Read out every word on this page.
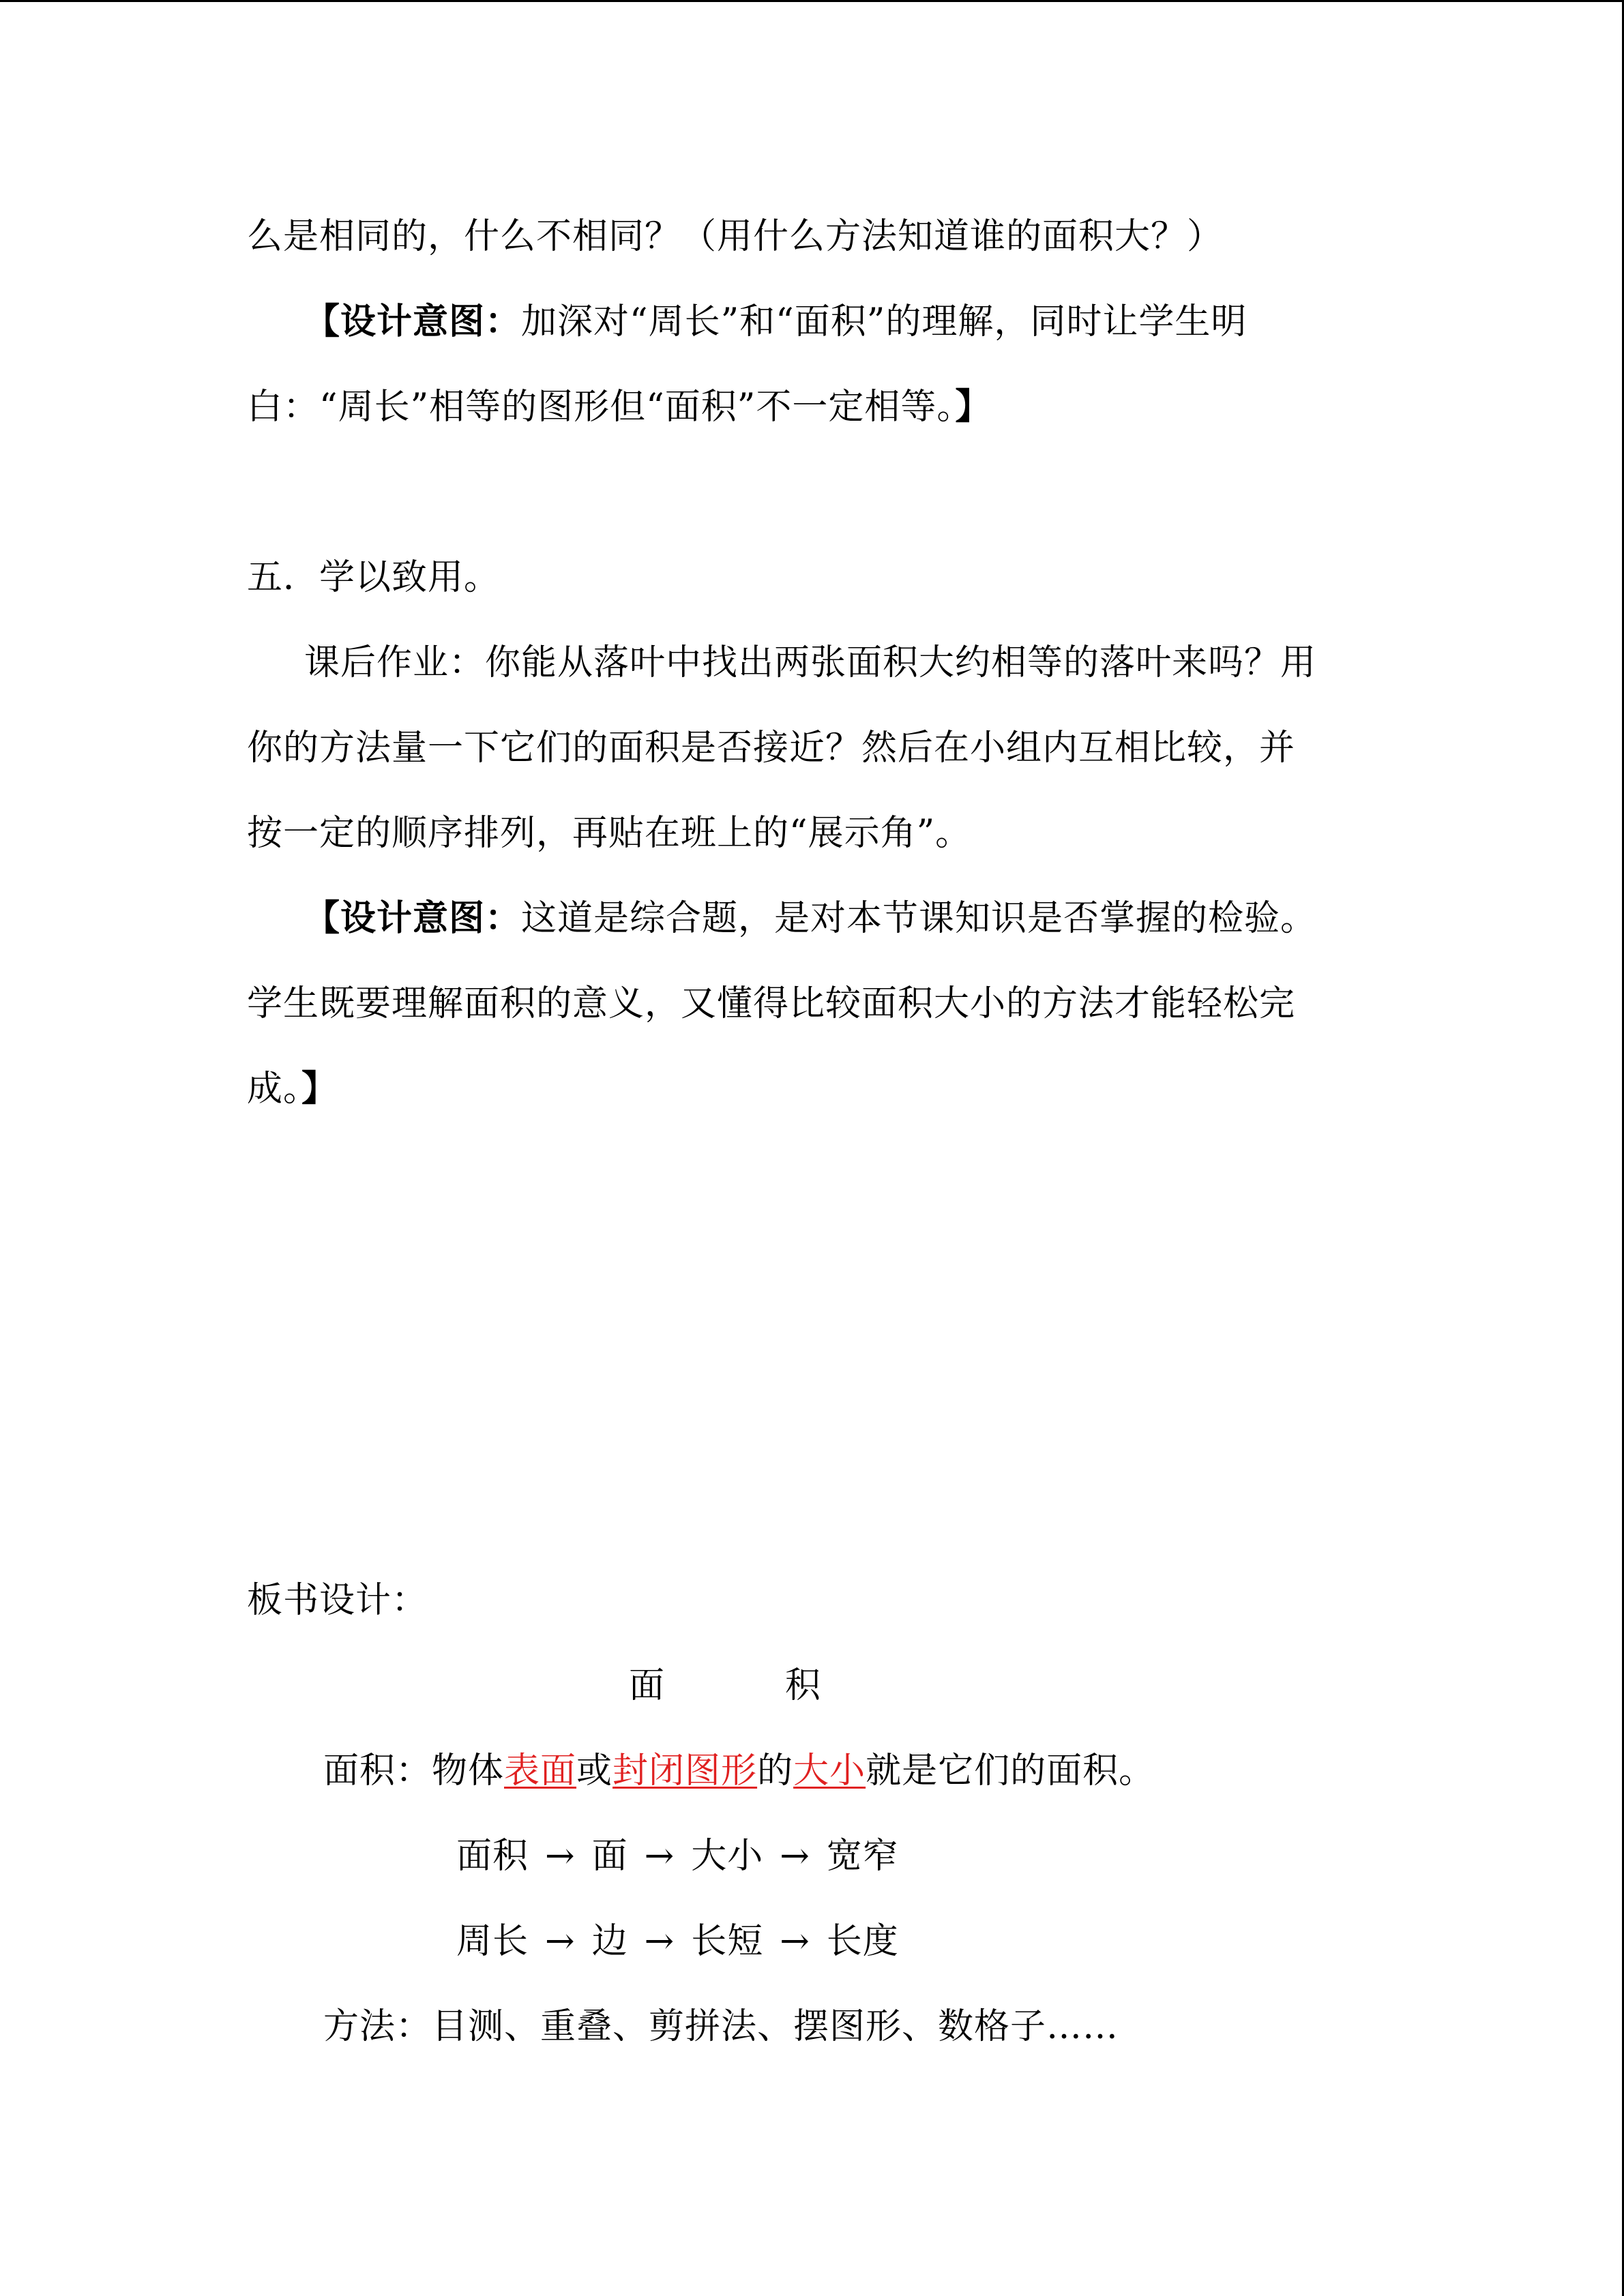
么是相同的，什么不相同？（用什么方法知道谁的面积大？）
【设计意图：加深对“周长”和“面积”的理解，同时让学生明
白：“周长”相等的图形但“面积”不一定相等。】
五．学以致用。
课后作业：你能从落叶中找出两张面积大约相等的落叶来吗？用
你的方法量一下它们的面积是否接近？然后在小组内互相比较，并
按一定的顺序排列，再贴在班上的“展示角”。
【设计意图：这道是综合题，是对本节课知识是否掌握的检验。
学生既要理解面积的意义，又懂得比较面积大小的方法才能轻松完
成。】
板书设计：
面	积
面积：物体表面或封闭图形的大小就是它们的面积。
面积 → 面 → 大小 → 宽窄
周长 → 边 → 长短 → 长度
方法：目测、重叠、剪拼法、摆图形、数格子……
